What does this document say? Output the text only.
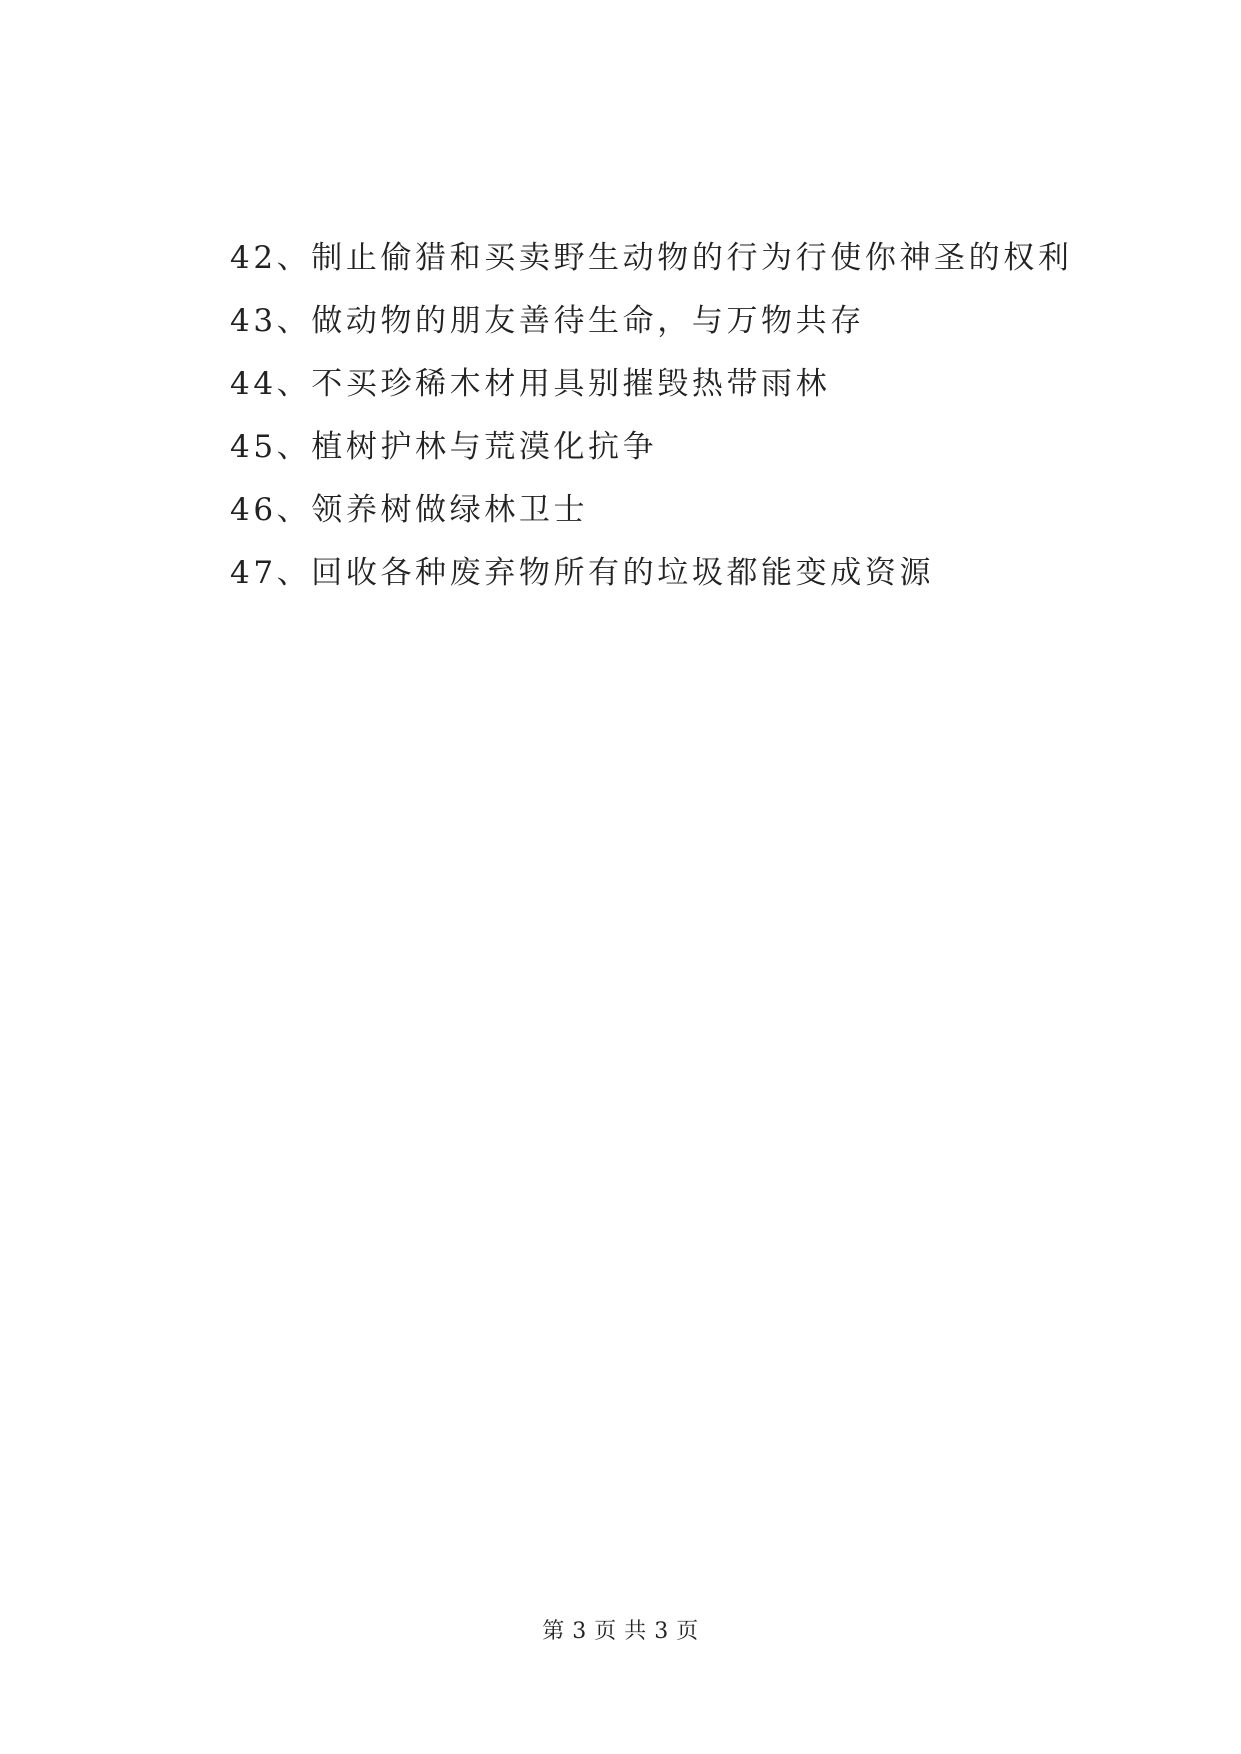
42、制止偷猎和买卖野生动物的行为行使你神圣的权利
43、做动物的朋友善待生命，与万物共存
44、不买珍稀木材用具别摧毁热带雨林
45、植树护林与荒漠化抗争
46、领养树做绿林卫士
47、回收各种废弃物所有的垃圾都能变成资源
第 3 页 共 3 页
